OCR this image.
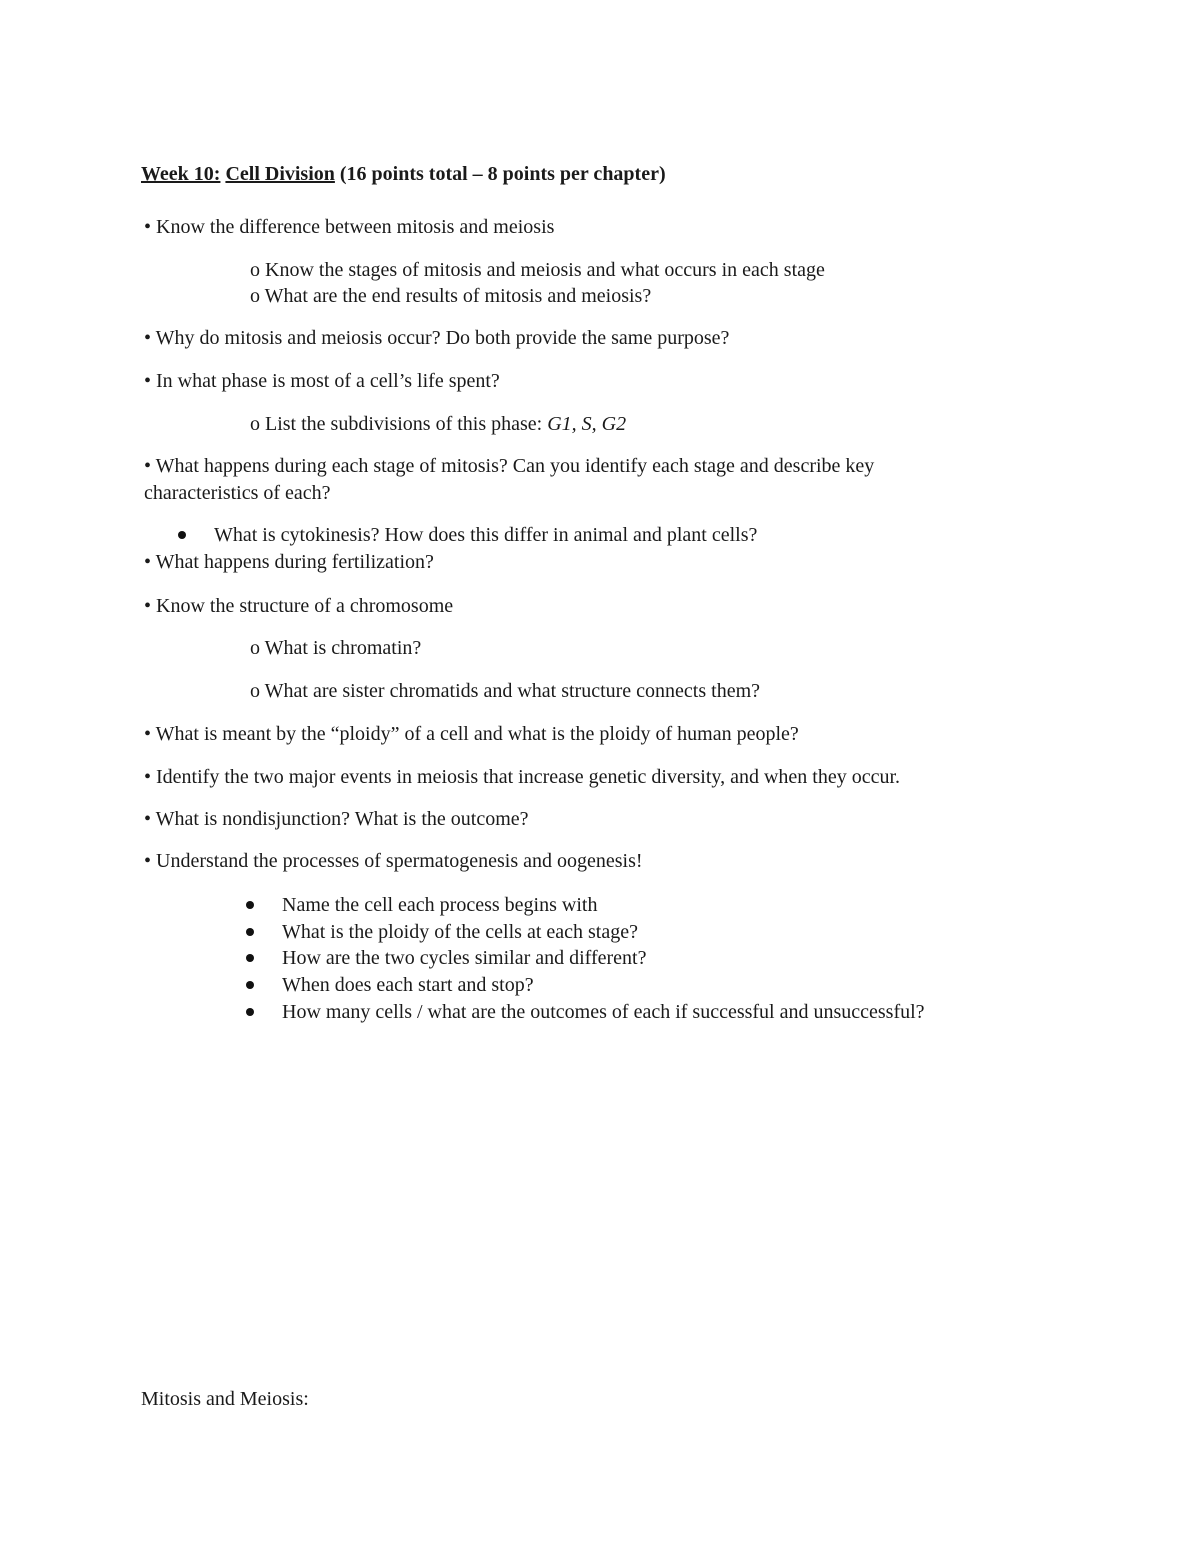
Week 10: Cell Division (16 points total – 8 points per chapter)
• Know the difference between mitosis and meiosis
o Know the stages of mitosis and meiosis and what occurs in each stage
o What are the end results of mitosis and meiosis?
• Why do mitosis and meiosis occur? Do both provide the same purpose?
• In what phase is most of a cell’s life spent?
o List the subdivisions of this phase: G1, S, G2
• What happens during each stage of mitosis? Can you identify each stage and describe key
characteristics of each?
What is cytokinesis? How does this differ in animal and plant cells?
• What happens during fertilization?
• Know the structure of a chromosome
o What is chromatin?
o What are sister chromatids and what structure connects them?
• What is meant by the “ploidy” of a cell and what is the ploidy of human people?
• Identify the two major events in meiosis that increase genetic diversity, and when they occur.
• What is nondisjunction? What is the outcome?
• Understand the processes of spermatogenesis and oogenesis!
Name the cell each process begins with
What is the ploidy of the cells at each stage?
How are the two cycles similar and different?
When does each start and stop?
How many cells / what are the outcomes of each if successful and unsuccessful?
Mitosis and Meiosis:
